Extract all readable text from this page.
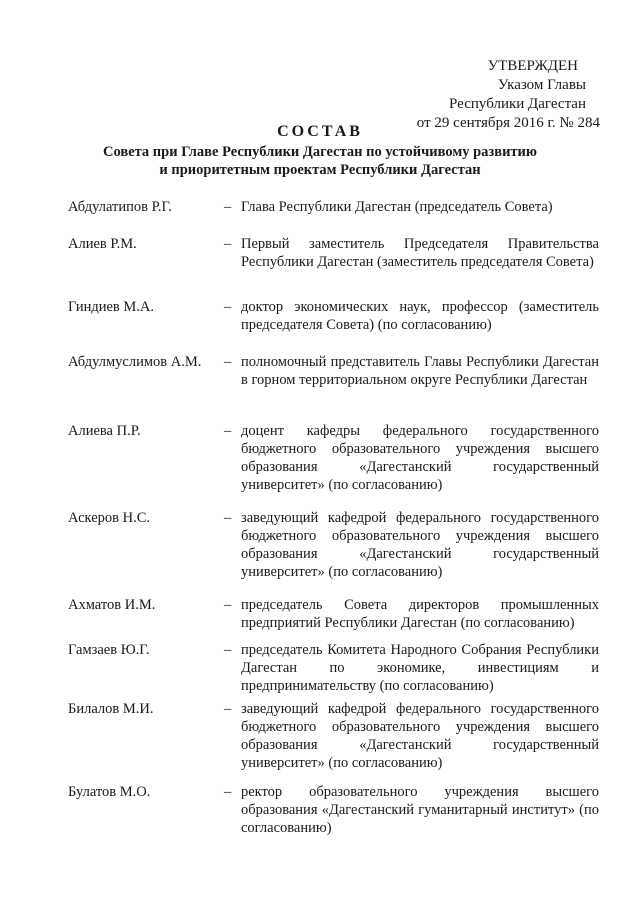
УТВЕРЖДЕН
Указом Главы
Республики Дагестан
от 29 сентября 2016 г. № 284
СОСТАВ
Совета при Главе Республики Дагестан по устойчивому развитию
и приоритетным проектам Республики Дагестан
Абдулатипов Р.Г.	– Глава Республики Дагестан (председатель Совета)
Алиев Р.М.	– Первый заместитель Председателя Правительства Республики Дагестан (заместитель председателя Совета)
Гиндиев М.А.	– доктор экономических наук, профессор (заместитель председателя Совета) (по согласованию)
Абдулмуслимов А.М.	– полномочный представитель Главы Республики Дагестан в горном территориальном округе Республики Дагестан
Алиева П.Р.	– доцент кафедры федерального государственного бюджетного образовательного учреждения высшего образования «Дагестанский государственный университет» (по согласованию)
Аскеров Н.С.	– заведующий кафедрой федерального государственного бюджетного образовательного учреждения высшего образования «Дагестанский государственный университет» (по согласованию)
Ахматов И.М.	– председатель Совета директоров промышленных предприятий Республики Дагестан (по согласованию)
Гамзаев Ю.Г.	– председатель Комитета Народного Собрания Республики Дагестан по экономике, инвестициям и предпринимательству (по согласованию)
Билалов М.И.	– заведующий кафедрой федерального государственного бюджетного образовательного учреждения высшего образования «Дагестанский государственный университет» (по согласованию)
Булатов М.О.	– ректор образовательного учреждения высшего образования «Дагестанский гуманитарный институт» (по согласованию)
